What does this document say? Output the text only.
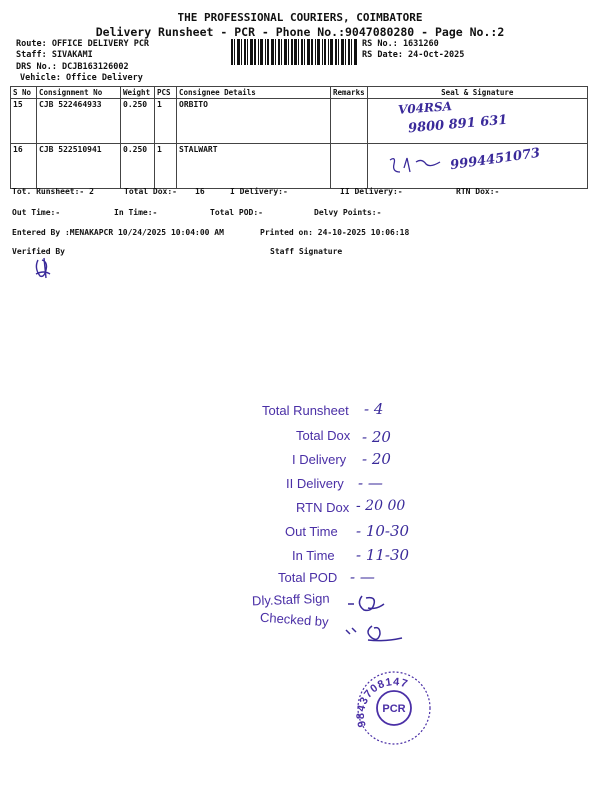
THE PROFESSIONAL COURIERS, COIMBATORE
Delivery Runsheet - PCR - Phone No.:9047080280 - Page No.:2
Route: OFFICE DELIVERY PCR
Staff: SIVAKAMI
DRS No.: DCJB163126002
Vehicle: Office Delivery
RS No.: 1631260
RS Date: 24-Oct-2025
S No	Consignment No	Weight	PCS	Consignee Details	Remarks	Seal & Signature
15	CJB 522464933	0.250	1	ORBITO		V04RSA
9800 891 631

16	CJB 522510941	0.250	1	STALWART		9994451073
Tot. Runsheet:- 2	Total Dox:- 16	I Delivery:-	II Delivery:-	RTN Dox:-
Out Time:-	In Time:-	Total POD:-	Delvy Points:-
Entered By :MENAKAPCR 10/24/2025 10:04:00 AM	Printed on: 24-10-2025 10:06:18
Verified By	Staff Signature
Total Runsheet - 4
Total Dox - 20
I Delivery - 20
II Delivery - —
RTN Dox - 20 00
Out Time - 10-30
In Time - 11-30
Total POD - —
Dly.Staff Sign
Checked by
9843708147
PCR
